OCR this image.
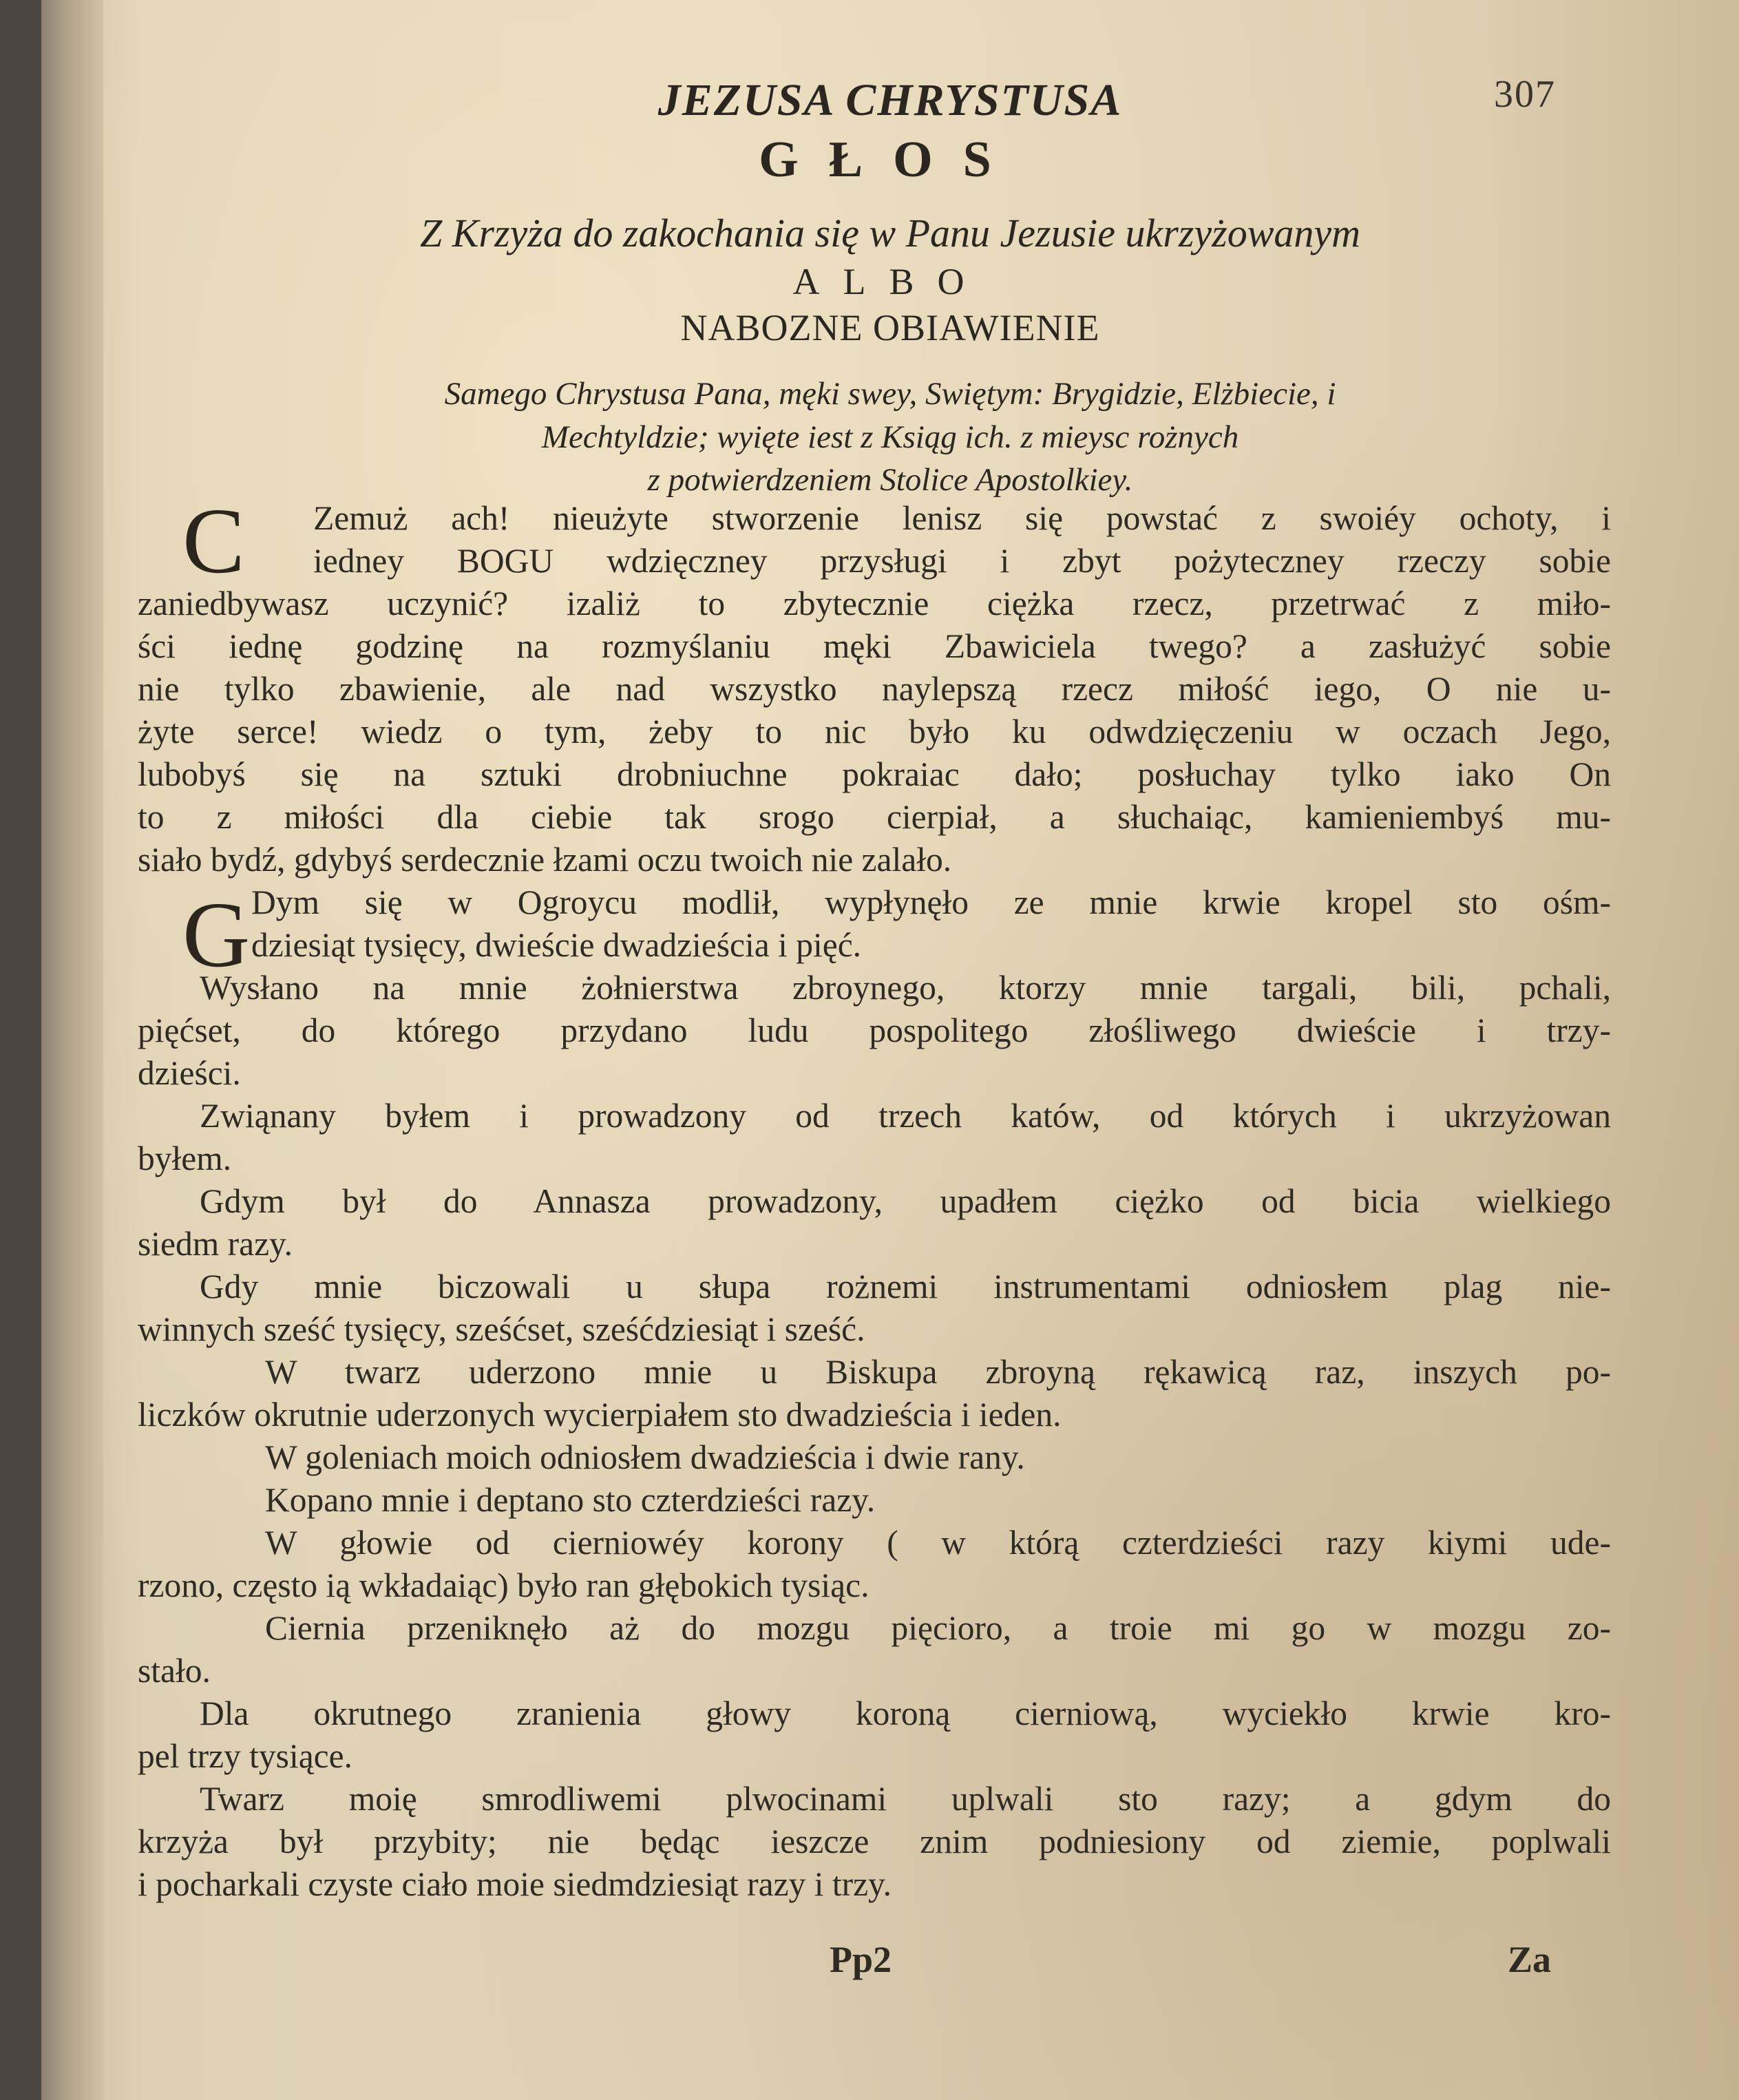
307
JEZUSA CHRYSTUSA
GŁOS
Z Krzyża do zakochania się w Panu Jezusie ukrzyżowanym
ALBO
NABOZNE OBIAWIENIE
Samego Chrystusa Pana, męki swey, Swiętym: Brygidzie, Elżbiecie, i
Mechtyldzie; wyięte iest z Ksiąg ich. z mieysc rożnych
z potwierdzeniem Stolice Apostolkiey.
C
G
Zemuż ach! nieużyte stworzenie lenisz się powstać z swoiéy ochoty, i
iedney BOGU wdzięczney przysługi i zbyt pożyteczney rzeczy sobie
zaniedbywasz uczynić? izaliż to zbytecznie ciężka rzecz, przetrwać z miło-
ści iednę godzinę na rozmyślaniu męki Zbawiciela twego? a zasłużyć sobie
nie tylko zbawienie, ale nad wszystko naylepszą rzecz miłość iego, O nie u-
żyte serce! wiedz o tym, żeby to nic było ku odwdzięczeniu w oczach Jego,
lubobyś się na sztuki drobniuchne pokraiac dało; posłuchay tylko iako On
to z miłości dla ciebie tak srogo cierpiał, a słuchaiąc, kamieniembyś mu-
siało bydź, gdybyś serdecznie łzami oczu twoich nie zalało.
Dym się w Ogroycu modlił, wypłynęło ze mnie krwie kropel sto ośm-
dziesiąt tysięcy, dwieście dwadzieścia i pięć.
Wysłano na mnie żołnierstwa zbroynego, ktorzy mnie targali, bili, pchali,
pięćset, do którego przydano ludu pospolitego złośliwego dwieście i trzy-
dzieści.
Zwiąnany byłem i prowadzony od trzech katów, od których i ukrzyżowan
byłem.
Gdym był do Annasza prowadzony, upadłem ciężko od bicia wielkiego
siedm razy.
Gdy mnie biczowali u słupa rożnemi instrumentami odniosłem plag nie-
winnych sześć tysięcy, sześćset, sześćdziesiąt i sześć.
W twarz uderzono mnie u Biskupa zbroyną rękawicą raz, inszych po-
liczków okrutnie uderzonych wycierpiałem sto dwadzieścia i ieden.
W goleniach moich odniosłem dwadzieścia i dwie rany.
Kopano mnie i deptano sto czterdzieści razy.
W głowie od cierniowéy korony ( w którą czterdzieści razy kiymi ude-
rzono, często ią wkładaiąc) było ran głębokich tysiąc.
Ciernia przeniknęło aż do mozgu pięcioro, a troie mi go w mozgu zo-
stało.
Dla okrutnego zranienia głowy koroną cierniową, wyciekło krwie kro-
pel trzy tysiące.
Twarz moię smrodliwemi plwocinami uplwali sto razy; a gdym do
krzyża był przybity; nie będąc ieszcze znim podniesiony od ziemie, poplwali
i pocharkali czyste ciało moie siedmdziesiąt razy i trzy.
Pp2	Za
